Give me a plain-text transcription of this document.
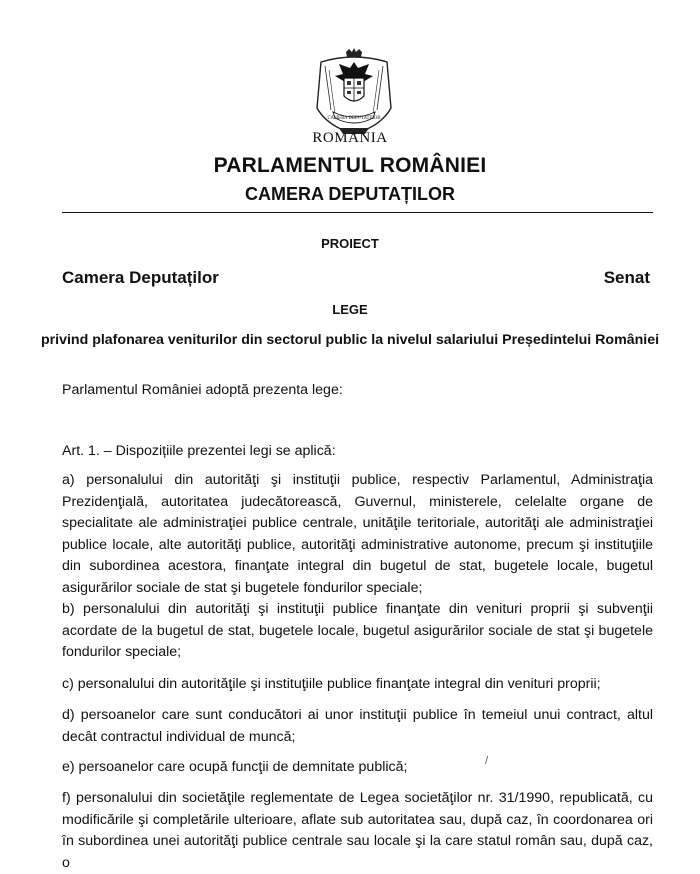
CAMERA DEPUTAȚILOR
ROMANIA
PARLAMENTUL ROMÂNIEI
CAMERA DEPUTAȚILOR
PROIECT
Camera Deputaților	Senat
LEGE
privind plafonarea veniturilor din sectorul public la nivelul salariului Președintelui României
Parlamentul României adoptă prezenta lege:
Art. 1. – Dispozițiile prezentei legi se aplică:
a) personalului din autorităţi şi instituţii publice, respectiv Parlamentul, Administraţia Prezidenţială, autoritatea judecătorească, Guvernul, ministerele, celelalte organe de specialitate ale administraţiei publice centrale, unităţile teritoriale, autorităţi ale administraţiei publice locale, alte autorităţi publice, autorităţi administrative autonome, precum şi instituţiile din subordinea acestora, finanţate integral din bugetul de stat, bugetele locale, bugetul asigurărilor sociale de stat şi bugetele fondurilor speciale;
b) personalului din autorităţi şi instituţii publice finanţate din venituri proprii şi subvenţii acordate de la bugetul de stat, bugetele locale, bugetul asigurărilor sociale de stat şi bugetele fondurilor speciale;
c) personalului din autorităţile şi instituţiile publice finanţate integral din venituri proprii;
d) persoanelor care sunt conducători ai unor instituţii publice în temeiul unui contract, altul decât contractul individual de muncă;
e) persoanelor care ocupă funcţii de demnitate publică;
f) personalului din societăţile reglementate de Legea societăţilor nr. 31/1990, republicată, cu modificările şi completările ulterioare, aflate sub autoritatea sau, după caz, în coordonarea ori în subordinea unei autorităţi publice centrale sau locale şi la care statul român sau, după caz, o
/
